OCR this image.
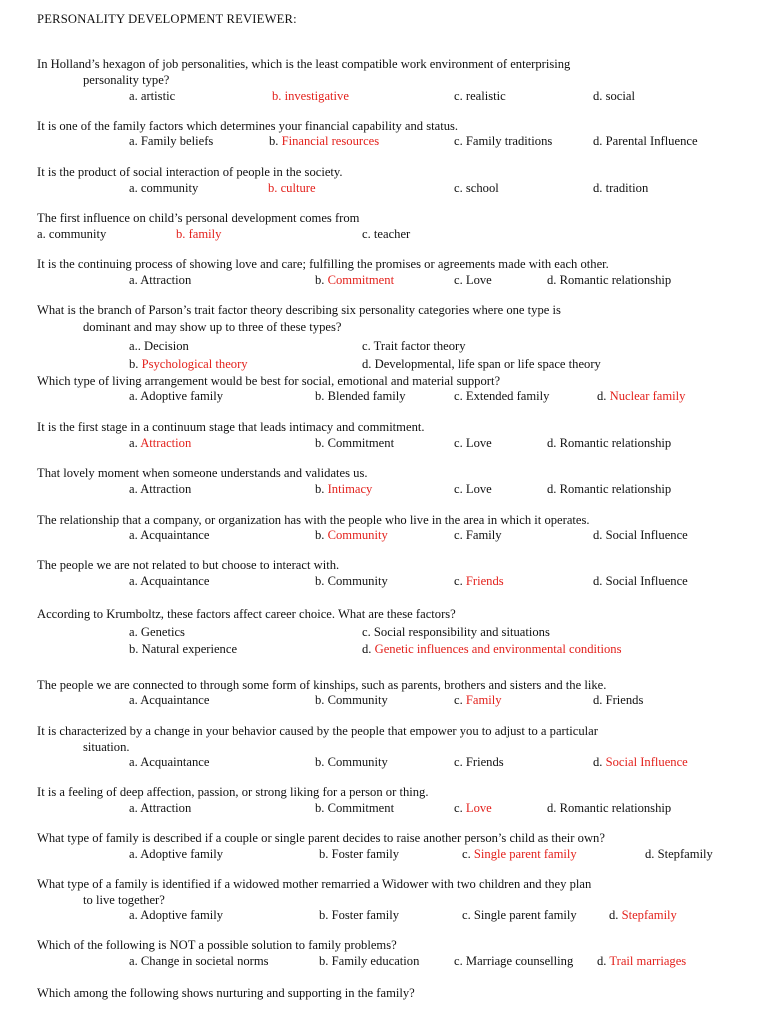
PERSONALITY DEVELOPMENT REVIEWER:
In Holland’s hexagon of job personalities, which is the least compatible work environment of enterprising
personality type?
a. artistic	b. investigative	c. realistic	d. social
It is one of the family factors which determines your financial capability and status.
a. Family beliefs	b. Financial resources	c. Family traditions	d. Parental Influence
It is the product of social interaction of people in the society.
a. community	b. culture	c. school	d. tradition
The first influence on child’s personal development comes from
a. community	b. family	c. teacher
It is the continuing process of showing love and care; fulfilling the promises or agreements made with each other.
a. Attraction	b. Commitment	c. Love	d. Romantic relationship
What is the branch of Parson’s trait factor theory describing six personality categories where one type is
dominant and may show up to three of these types?
a.. Decision	c. Trait factor theory
b. Psychological theory	d. Developmental, life span or life space theory
Which type of living arrangement would be best for social, emotional and material support?
a. Adoptive family	b. Blended family	c. Extended family	d. Nuclear family
It is the first stage in a continuum stage that leads intimacy and commitment.
a. Attraction	b. Commitment	c. Love	d. Romantic relationship
That lovely moment when someone understands and validates us.
a. Attraction	b. Intimacy	c. Love	d. Romantic relationship
The relationship that a company, or organization has with the people who live in the area in which it operates.
a. Acquaintance	b. Community	c. Family	d. Social Influence
The people we are not related to but choose to interact with.
a. Acquaintance	b. Community	c. Friends	d. Social Influence
According to Krumboltz, these factors affect career choice. What are these factors?
a. Genetics	c. Social responsibility and situations
b. Natural experience	d. Genetic influences and environmental conditions
The people we are connected to through some form of kinships, such as parents, brothers and sisters and the like.
a. Acquaintance	b. Community	c. Family	d. Friends
It is characterized by a change in your behavior caused by the people that empower you to adjust to a particular
situation.
a. Acquaintance	b. Community	c. Friends	d. Social Influence
It is a feeling of deep affection, passion, or strong liking for a person or thing.
a. Attraction	b. Commitment	c. Love	d. Romantic relationship
What type of family is described if a couple or single parent decides to raise another person’s child as their own?
a. Adoptive family	b. Foster family	c. Single parent family	d. Stepfamily
What type of a family is identified if a widowed mother remarried a Widower with two children and they plan
to live together?
a. Adoptive family	b. Foster family	c. Single parent family	d. Stepfamily
Which of the following is NOT a possible solution to family problems?
a. Change in societal norms	b. Family education	c. Marriage counselling d. Trail marriages
Which among the following shows nurturing and supporting in the family?
